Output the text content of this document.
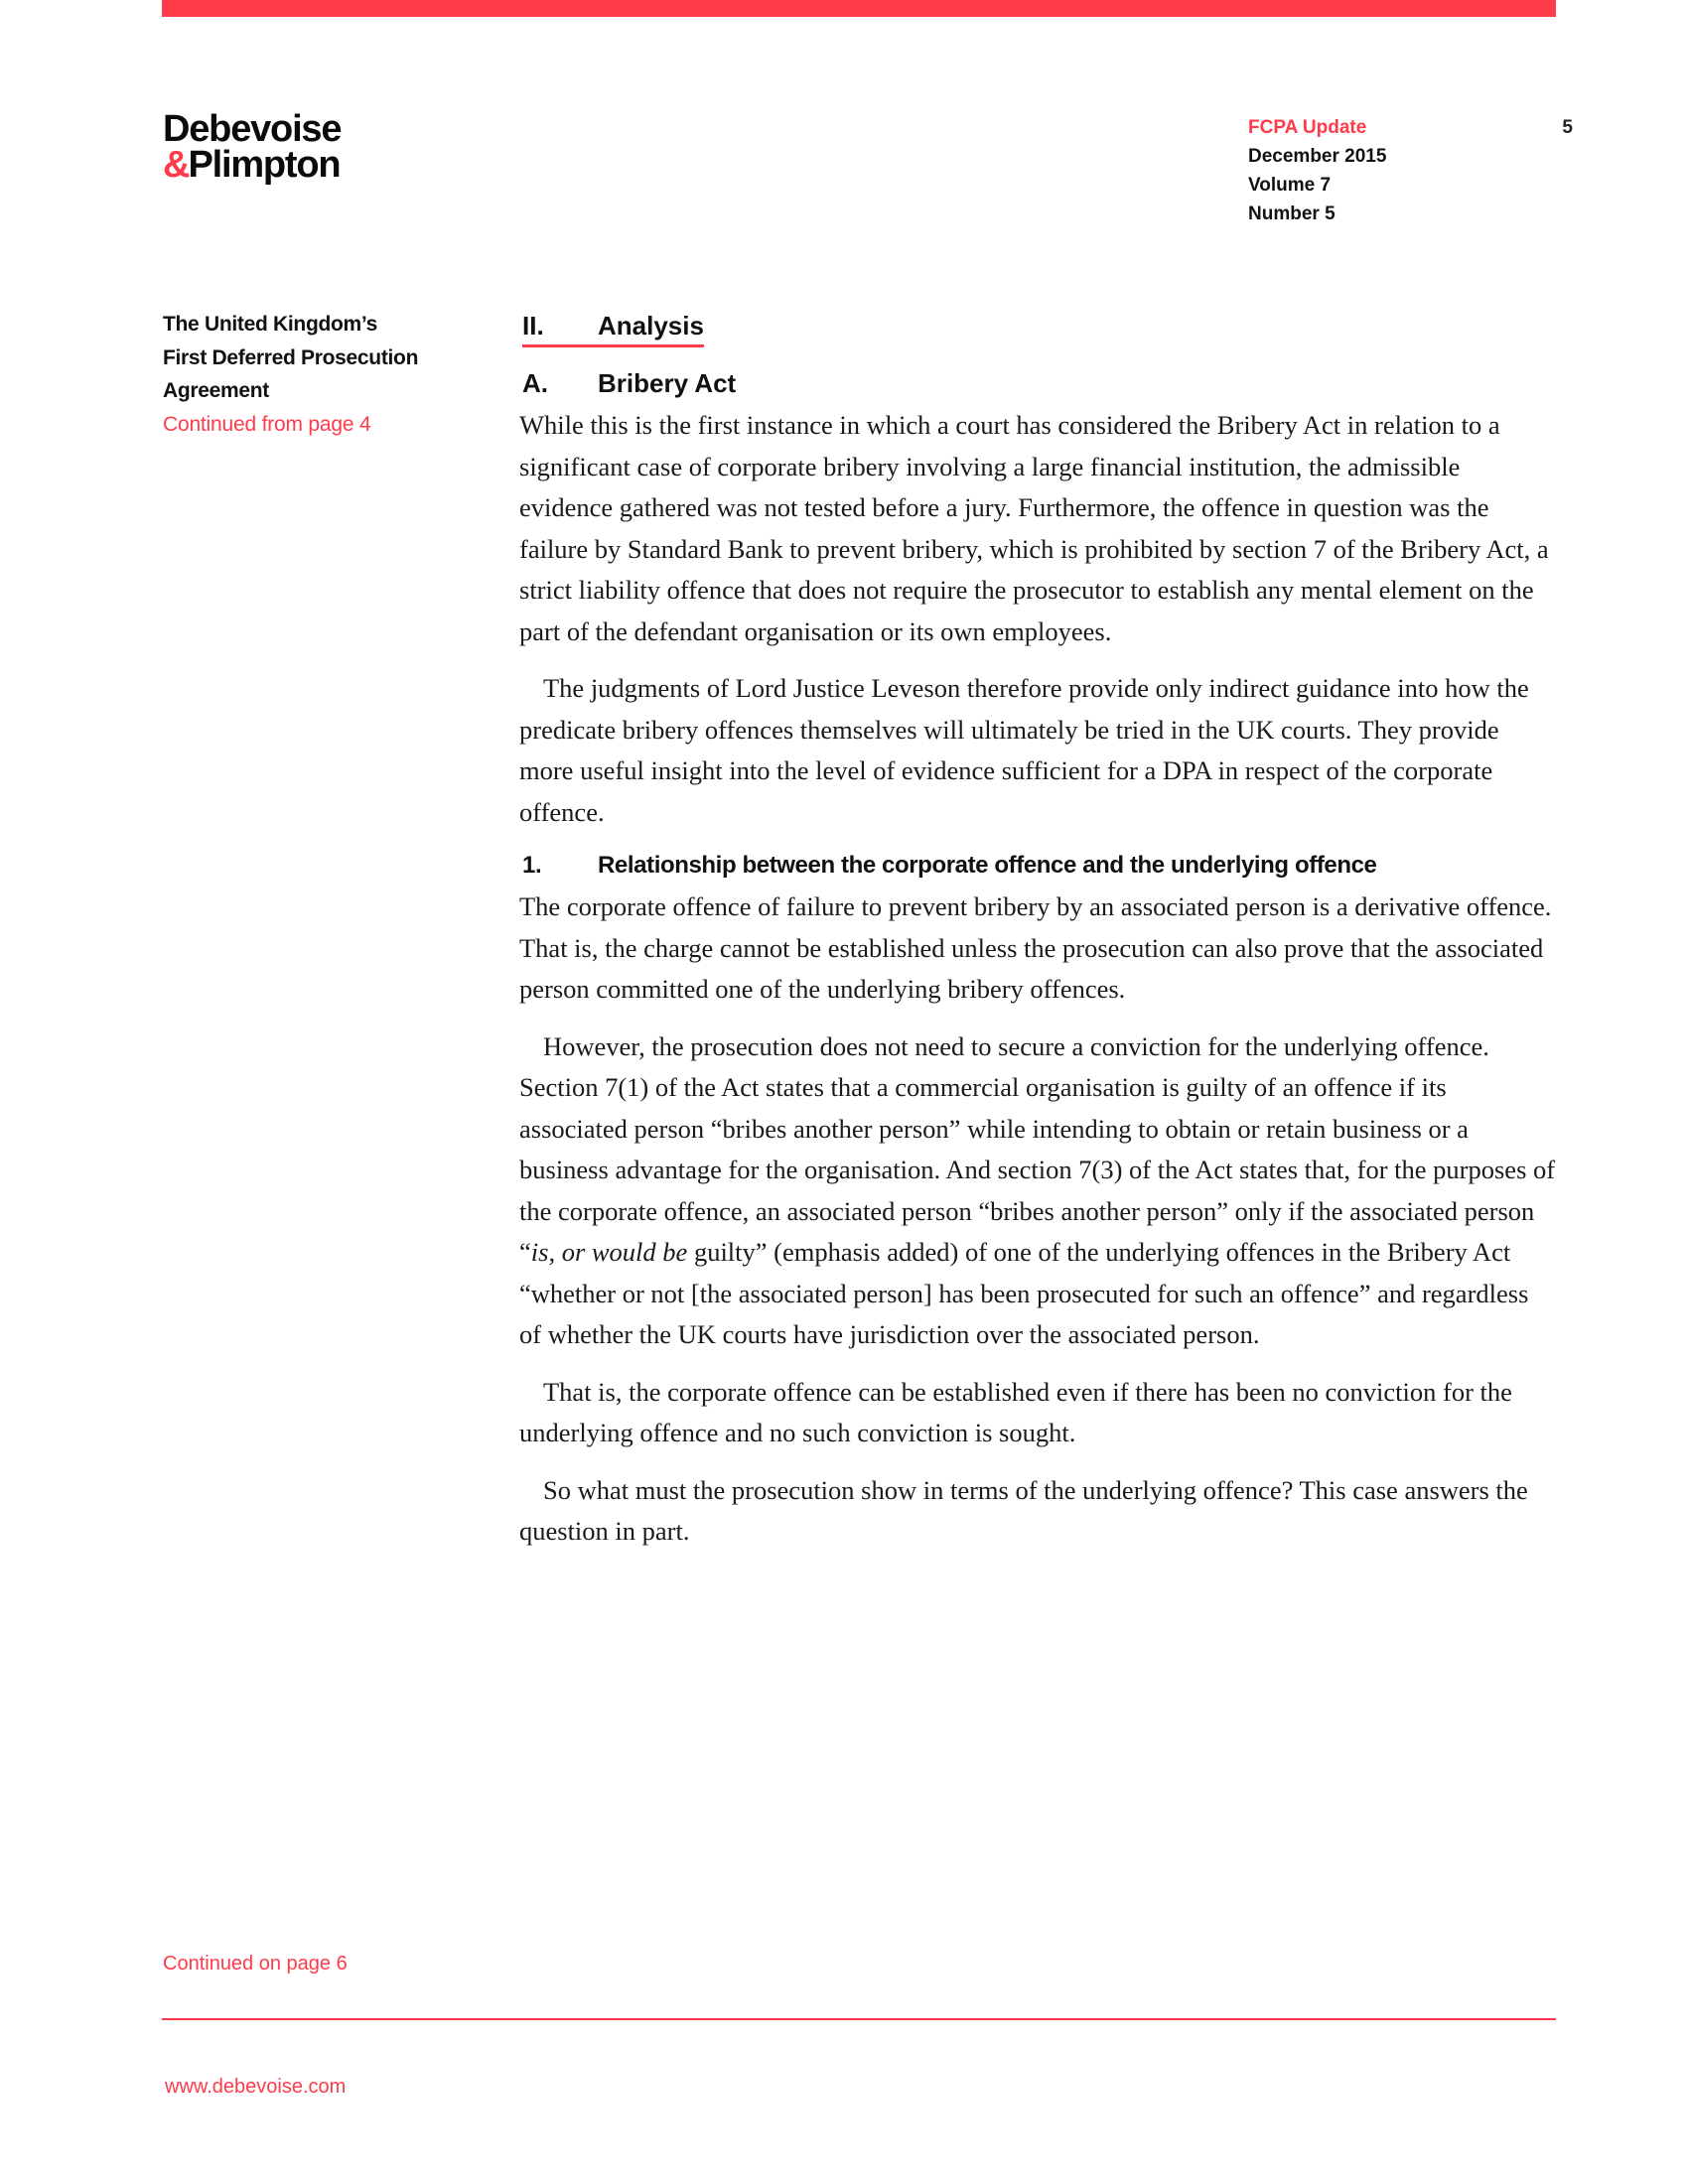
Debevoise
&Plimpton
FCPA Update
December 2015
Volume 7
Number 5
5
The United Kingdom’s
First Deferred Prosecution
Agreement
Continued from page 4
II. Analysis
A. Bribery Act

While this is the first instance in which a court has considered the Bribery Act in relation to a significant case of corporate bribery involving a large financial institution, the admissible evidence gathered was not tested before a jury. Furthermore, the offence in question was the failure by Standard Bank to prevent bribery, which is prohibited by section 7 of the Bribery Act, a strict liability offence that does not require the prosecutor to establish any mental element on the part of the defendant organisation or its own employees.

The judgments of Lord Justice Leveson therefore provide only indirect guidance into how the predicate bribery offences themselves will ultimately be tried in the UK courts. They provide more useful insight into the level of evidence sufficient for a DPA in respect of the corporate offence.

1. Relationship between the corporate offence and the underlying offence

The corporate offence of failure to prevent bribery by an associated person is a derivative offence. That is, the charge cannot be established unless the prosecution can also prove that the associated person committed one of the underlying bribery offences.

However, the prosecution does not need to secure a conviction for the underlying offence. Section 7(1) of the Act states that a commercial organisation is guilty of an offence if its associated person “bribes another person” while intending to obtain or retain business or a business advantage for the organisation. And section 7(3) of the Act states that, for the purposes of the corporate offence, an associated person “bribes another person” only if the associated person “is, or would be guilty” (emphasis added) of one of the underlying offences in the Bribery Act “whether or not [the associated person] has been prosecuted for such an offence” and regardless of whether the UK courts have jurisdiction over the associated person.

That is, the corporate offence can be established even if there has been no conviction for the underlying offence and no such conviction is sought.

So what must the prosecution show in terms of the underlying offence? This case answers the question in part.

Continued on page 6
www.debevoise.com
